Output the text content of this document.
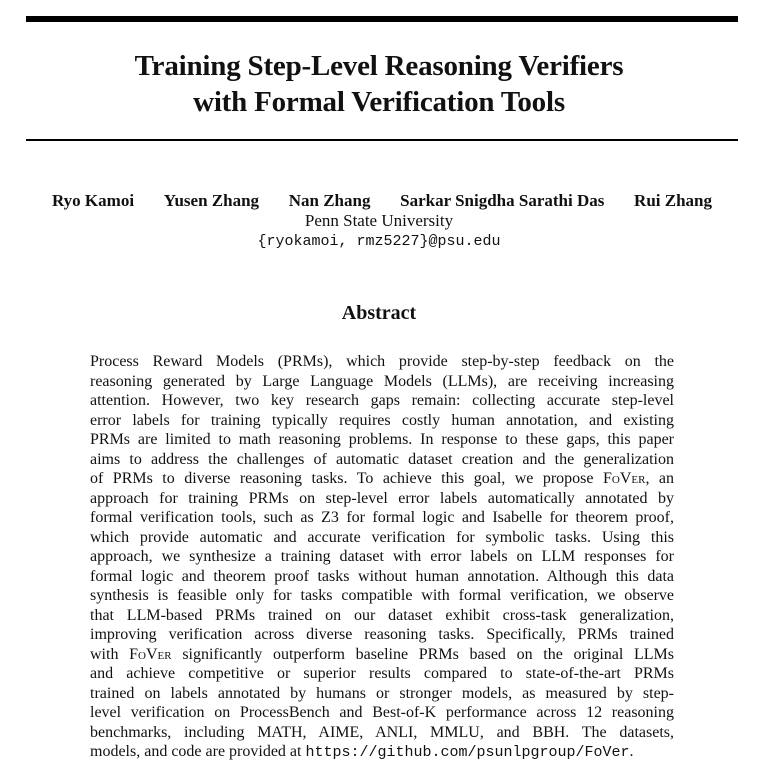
Training Step-Level Reasoning Verifiers
with Formal Verification Tools
Ryo Kamoi Yusen Zhang Nan Zhang Sarkar Snigdha Sarathi Das Rui Zhang
Penn State University
{ryokamoi, rmz5227}@psu.edu
Abstract
Process Reward Models (PRMs), which provide step-by-step feedback on the
reasoning generated by Large Language Models (LLMs), are receiving increasing
attention. However, two key research gaps remain: collecting accurate step-level
error labels for training typically requires costly human annotation, and existing
PRMs are limited to math reasoning problems. In response to these gaps, this paper
aims to address the challenges of automatic dataset creation and the generalization
of PRMs to diverse reasoning tasks. To achieve this goal, we propose FoVer, an
approach for training PRMs on step-level error labels automatically annotated by
formal verification tools, such as Z3 for formal logic and Isabelle for theorem proof,
which provide automatic and accurate verification for symbolic tasks. Using this
approach, we synthesize a training dataset with error labels on LLM responses for
formal logic and theorem proof tasks without human annotation. Although this data
synthesis is feasible only for tasks compatible with formal verification, we observe
that LLM-based PRMs trained on our dataset exhibit cross-task generalization,
improving verification across diverse reasoning tasks. Specifically, PRMs trained
with FoVer significantly outperform baseline PRMs based on the original LLMs
and achieve competitive or superior results compared to state-of-the-art PRMs
trained on labels annotated by humans or stronger models, as measured by step-
level verification on ProcessBench and Best-of-K performance across 12 reasoning
benchmarks, including MATH, AIME, ANLI, MMLU, and BBH. The datasets,
models, and code are provided at https://github.com/psunlpgroup/FoVer.
